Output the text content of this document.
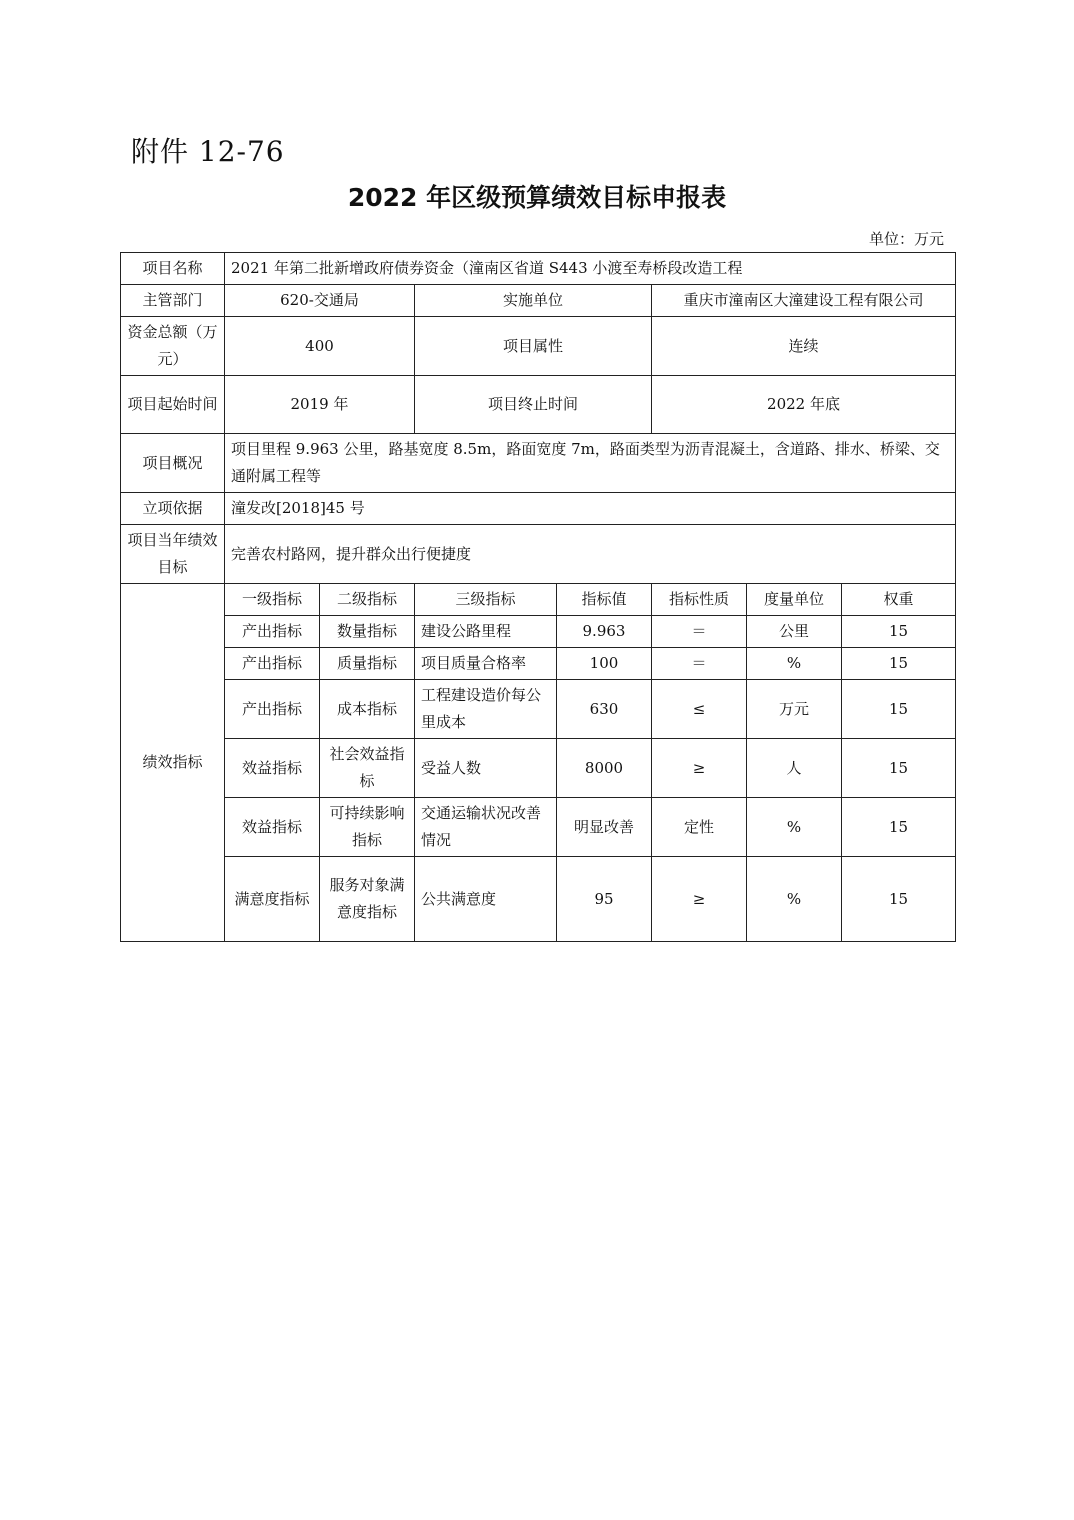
附件 12-76
2022 年区级预算绩效目标申报表
单位：万元
项目名称	2021 年第二批新增政府债券资金（潼南区省道 S443 小渡至寿桥段改造工程						
主管部门	620-交通局		实施单位		重庆市潼南区大潼建设工程有限公司		
资金总额（万元）	400		项目属性		连续		
项目起始时间	2019 年		项目终止时间		2022 年底		
项目概况	项目里程 9.963 公里，路基宽度 8.5m，路面宽度 7m，路面类型为沥青混凝土，含道路、排水、桥梁、交通附属工程等						
立项依据	潼发改[2018]45 号						
项目当年绩效目标	完善农村路网，提升群众出行便捷度						
绩效指标	一级指标	二级指标	三级指标	指标值	指标性质	度量单位	权重
	产出指标	数量指标	建设公路里程	9.963	＝	公里	15
	产出指标	质量指标	项目质量合格率	100	＝	%	15
	产出指标	成本指标	工程建设造价每公里成本	630	≤	万元	15
	效益指标	社会效益指标	受益人数	8000	≥	人	15
	效益指标	可持续影响指标	交通运输状况改善情况	明显改善	定性	%	15
	满意度指标	服务对象满意度指标	公共满意度	95	≥	%	15
